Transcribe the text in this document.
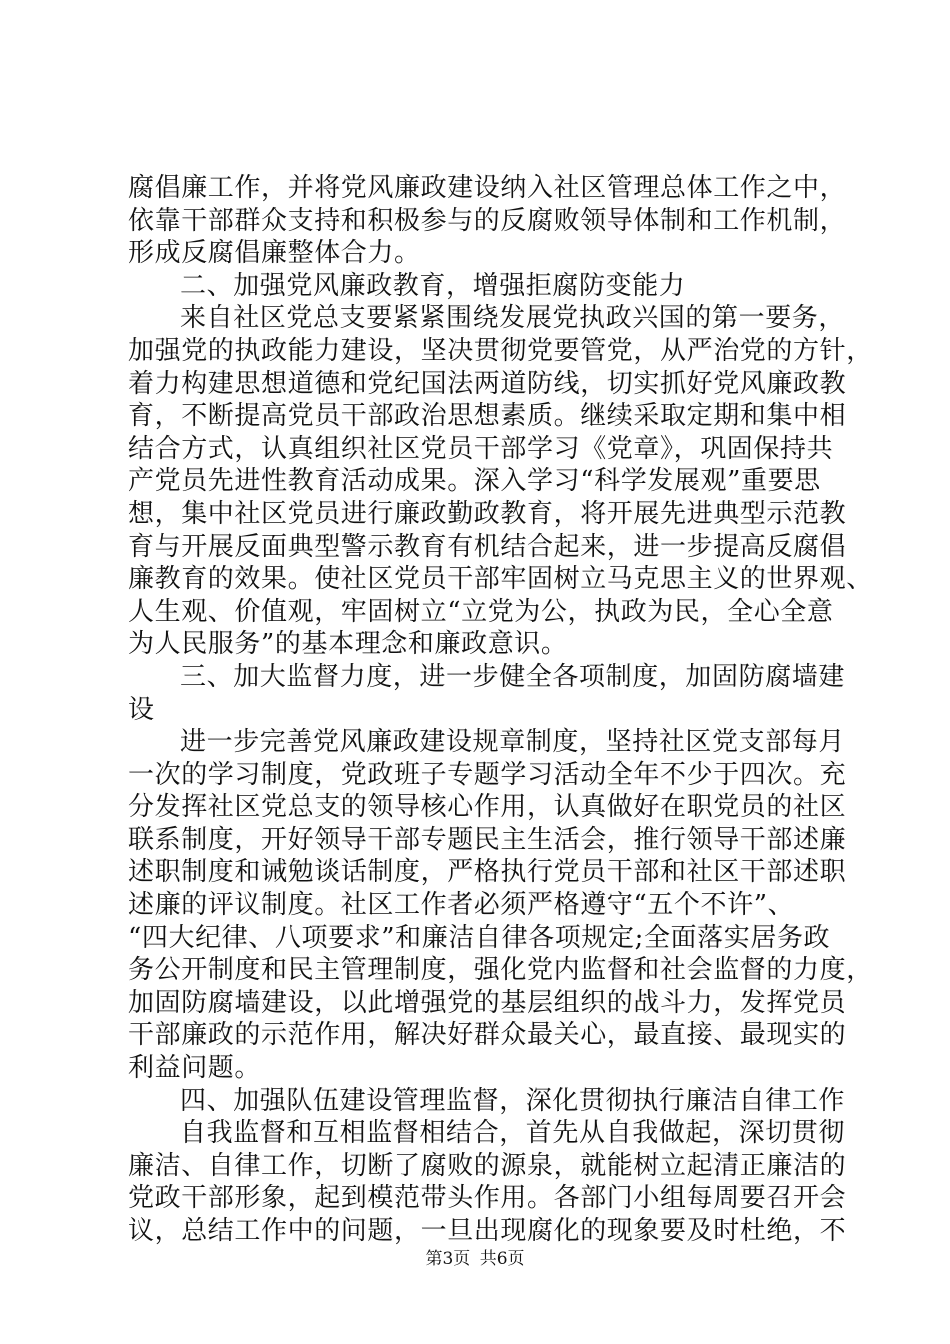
腐倡廉工作，并将党风廉政建设纳入社区管理总体工作之中，
依靠干部群众支持和积极参与的反腐败领导体制和工作机制，
形成反腐倡廉整体合力。
二、加强党风廉政教育，增强拒腐防变能力
来自社区党总支要紧紧围绕发展党执政兴国的第一要务，
加强党的执政能力建设，坚决贯彻党要管党，从严治党的方针，
着力构建思想道德和党纪国法两道防线，切实抓好党风廉政教
育，不断提高党员干部政治思想素质。继续采取定期和集中相
结合方式，认真组织社区党员干部学习《党章》，巩固保持共
产党员先进性教育活动成果。深入学习“科学发展观”重要思
想，集中社区党员进行廉政勤政教育，将开展先进典型示范教
育与开展反面典型警示教育有机结合起来，进一步提高反腐倡
廉教育的效果。使社区党员干部牢固树立马克思主义的世界观、
人生观、价值观，牢固树立“立党为公，执政为民，全心全意
为人民服务”的基本理念和廉政意识。
三、加大监督力度，进一步健全各项制度，加固防腐墙建
设
进一步完善党风廉政建设规章制度，坚持社区党支部每月
一次的学习制度，党政班子专题学习活动全年不少于四次。充
分发挥社区党总支的领导核心作用，认真做好在职党员的社区
联系制度，开好领导干部专题民主生活会，推行领导干部述廉
述职制度和诫勉谈话制度，严格执行党员干部和社区干部述职
述廉的评议制度。社区工作者必须严格遵守“五个不许”、
“四大纪律、八项要求”和廉洁自律各项规定;全面落实居务政
务公开制度和民主管理制度，强化党内监督和社会监督的力度，
加固防腐墙建设，以此增强党的基层组织的战斗力，发挥党员
干部廉政的示范作用，解决好群众最关心，最直接、最现实的
利益问题。
四、加强队伍建设管理监督，深化贯彻执行廉洁自律工作
自我监督和互相监督相结合，首先从自我做起，深切贯彻
廉洁、自律工作，切断了腐败的源泉，就能树立起清正廉洁的
党政干部形象，起到模范带头作用。各部门小组每周要召开会
议，总结工作中的问题，一旦出现腐化的现象要及时杜绝，不
第3页 共6页
